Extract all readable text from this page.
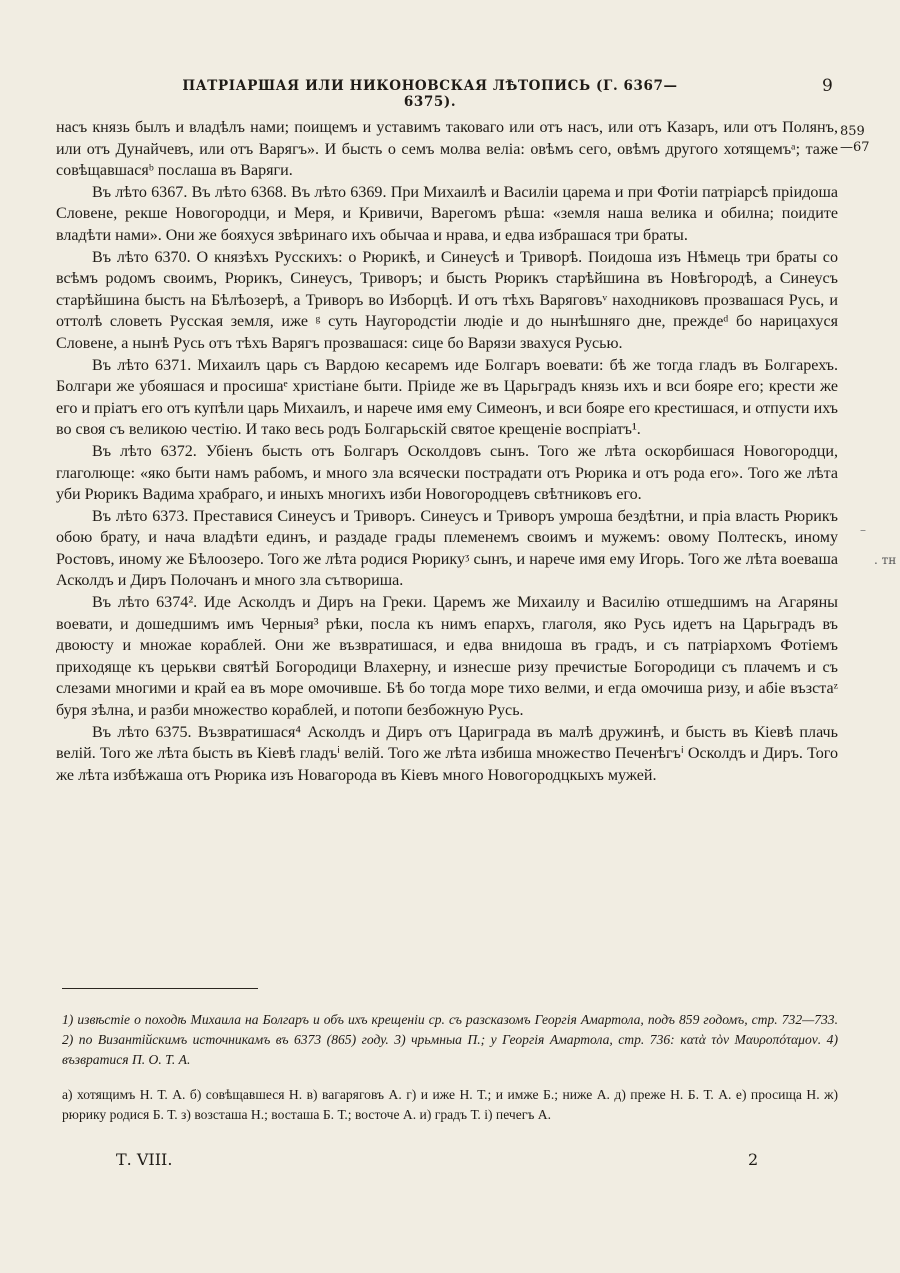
ПАТРІАРШАЯ ИЛИ НИКОНОВСКАЯ ЛѢТОПИСЬ (Г. 6367—6375).
9
859
—67

насъ князь былъ и владѣлъ нами; поищемъ и уставимъ таковаго или отъ насъ, или отъ Казаръ, или отъ Полянъ, или отъ Дунайчевъ, или отъ Варягъ». И бысть о семъ молва велiа: овѣмъ сего, овѣмъ другого хотящемъᵃ; таже совѣщавшасяᵇ послаша въ Варяги.

Въ лѣто 6367. Въ лѣто 6368. Въ лѣто 6369. При Михаилѣ и Василiи царема и при Фотiи патрiарсѣ прiидоша Словене, рекше Новогородци, и Меря, и Кривичи, Варегомъ рѣша: «земля наша велика и обилна; поидите владѣти нами». Они же бояхуся звѣринаго ихъ обычаа и нрава, и едва избрашася три браты.

Въ лѣто 6370. О князѣхъ Русскихъ: о Рюрикѣ, и Синеусѣ и Триворѣ. Поидоша изъ Нѣмець три браты со всѣмъ родомъ своимъ, Рюрикъ, Синеусъ, Триворъ; и бысть Рюрикъ старѣйшина въ Новѣгородѣ, а Синеусъ старѣйшина бысть на Бѣлѣозерѣ, а Триворъ во Изборцѣ. И отъ тѣхъ Варяговъᵛ находниковъ прозвашася Русь, и оттолѣ словеть Русская земля, иже ᵍ суть Наугородстiи людiе и до нынѣшняго дне, преждеᵈ бо нарицахуся Словене, а нынѣ Русь отъ тѣхъ Варягъ прозвашася: сице бо Варязи звахуся Русью.

Въ лѣто 6371. Михаилъ царь съ Вардою кесаремъ иде Болгаръ воевати: бѣ же тогда гладъ въ Болгарехъ. Болгари же убояшася и просишаᵉ христiане быти. Прiиде же въ Царьградъ князь ихъ и вси бояре его; крести же его и прiатъ его отъ купѣли царь Михаилъ, и нарече имя ему Симеонъ, и вси бояре его крестишася, и отпусти ихъ во своя съ великою честiю. И тако весь родъ Болгарьскiй святое крещенiе воспрiатъ¹.

Въ лѣто 6372. Убiенъ бысть отъ Болгаръ Осколдовъ сынъ. Того же лѣта оскорбишася Новогородци, глаголюще: «яко быти намъ рабомъ, и много зла всячески пострадати отъ Рюрика и отъ рода его». Того же лѣта уби Рюрикъ Вадима храбраго, и иныхъ многихъ изби Новогородцевъ свѣтниковъ его.

Въ лѣто 6373. Преставися Синеусъ и Триворъ. Синеусъ и Триворъ умроша бездѣтни, и прiа власть Рюрикъ обою брату, и нача владѣти единъ, и раздаде грады племенемъ своимъ и мужемъ: овому Полтескъ, иному Ростовъ, иному же Бѣлоозеро. Того же лѣта родися Рюрикуᶾ сынъ, и нарече имя ему Игорь. Того же лѣта воеваша Асколдъ и Диръ Полочанъ и много зла сътвориша.

Въ лѣто 6374². Иде Асколдъ и Диръ на Греки. Царемъ же Михаилу и Василiю отшедшимъ на Агаряны воевати, и дошедшимъ имъ Черныя³ рѣки, посла къ нимъ епархъ, глаголя, яко Русь идетъ на Царьградъ въ двоюсту и множае кораблей. Они же възвратишася, и едва внидоша въ градъ, и съ патрiархомъ Фотiемъ приходяще къ церькви святѣй Богородици Влахерну, и изнесше ризу пречистые Богородици съ плачемъ и съ слезами многими и край еа въ море омочивше. Бѣ бо тогда море тихо велми, и егда омочиша ризу, и абiе възстаᶻ буря зѣлна, и разби множество кораблей, и потопи безбожную Русь.

Въ лѣто 6375. Възвратишася⁴ Асколдъ и Диръ отъ Цариграда въ малѣ дружинѣ, и бысть въ Кiевѣ плачь велiй. Того же лѣта бысть въ Кiевѣ гладъⁱ велiй. Того же лѣта избиша множество Печенѣгъⁱ Осколдъ и Диръ. Того же лѣта избѣжаша отъ Рюрика изъ Новагорода въ Кiевъ много Новогородцкыхъ мужей.

1) извѣстiе о походѣ Михаила на Болгаръ и объ ихъ крещенiи ср. съ разсказомъ Георгiя Амартола, подъ 859 годомъ, стр. 732—733. 2) по Византiйскимъ источникамъ въ 6373 (865) году. 3) чрьмныа П.; у Георгiя Амартола, стр. 736: κατὰ τὸν Μαυροπόταμον. 4) възвратися П. О. Т. А.

а) хотящимъ Н. Т. А. б) совѣщавшеся Н. в) вагаряговъ А. г) и иже Н. Т.; и имже Б.; ниже А. д) преже Н. Б. Т. А. е) просища Н. ж) рюрику родися Б. Т. з) возсташа Н.; восташа Б. Т.; восточе А. и) градъ Т. i) печегъ А.

Т. VIII.	2
–
. тн
